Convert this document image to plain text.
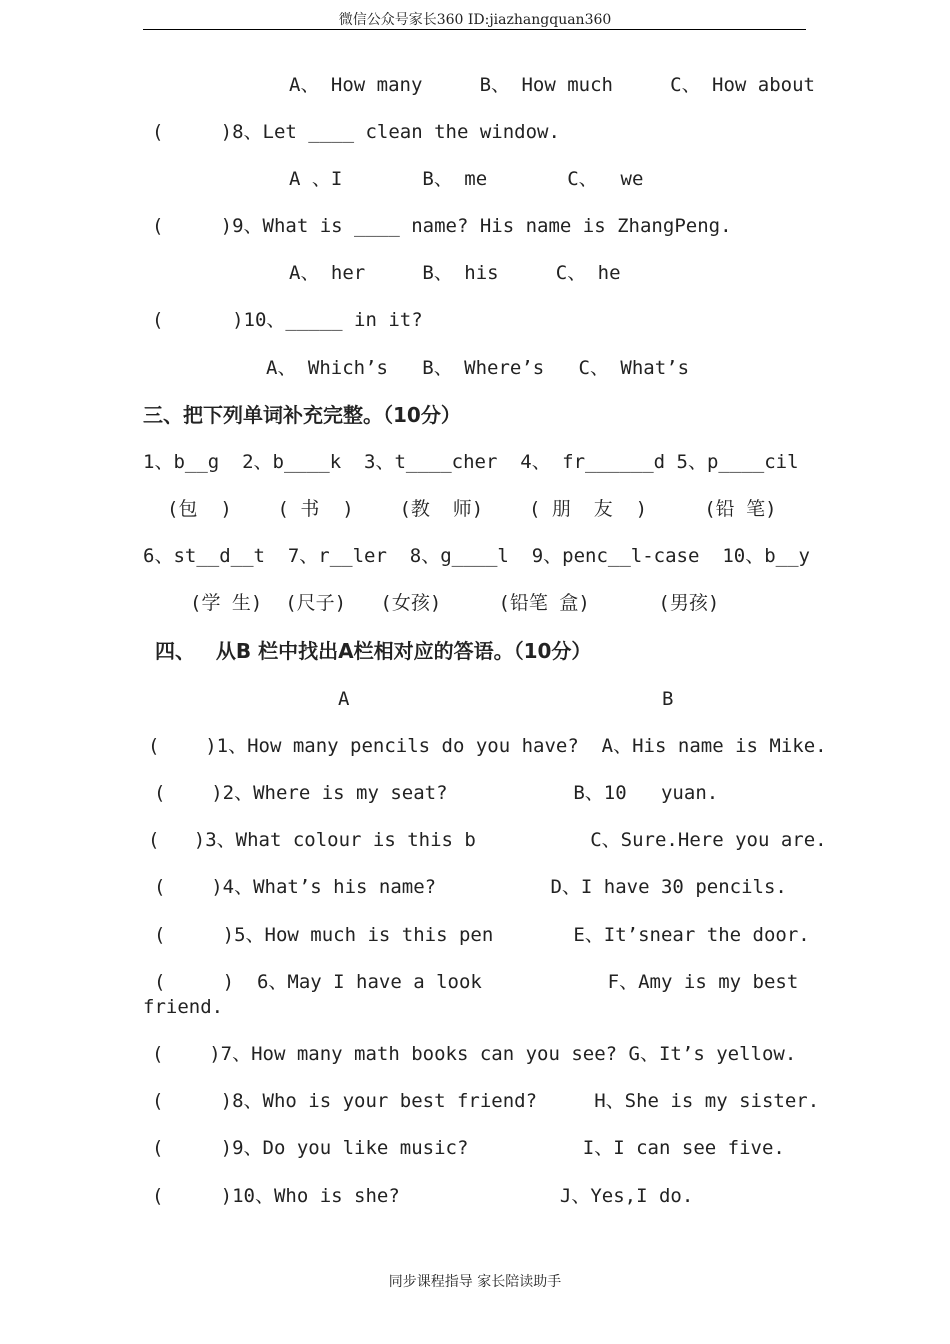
微信公众号家长360 ID:jiazhangquan360
A、 How many     B、 How much     C、 How about
(     )8、Let ____ clean the window.
A 、I       B、 me       C、  we
(     )9、What is ____ name? His name is ZhangPeng.
A、 her     B、 his     C、 he
(      )10、_____ in it?
A、 Which’s   B、 Where’s   C、 What’s
三、把下列单词补充完整。（10分）
1、b__g  2、b____k  3、t____cher  4、 fr______d 5、p____cil
(包  )    ( 书  )    (教  师)    ( 朋  友  )     (铅 笔)
6、st__d__t  7、r__ler  8、g____l  9、penc__l-case  10、b__y
(学 生)  (尺子)   (女孩)     (铅笔 盒)      (男孩)
四、   从B 栏中找出A栏相对应的答语。（10分）
A	B
(    )1、How many pencils do you have?  A、His name is Mike.
(    )2、Where is my seat?           B、10   yuan.
(   )3、What colour is this b          C、Sure.Here you are.
(    )4、What’s his name?          D、I have 30 pencils.
(     )5、How much is this pen       E、It’snear the door.
(     )  6、May I have a look           F、Amy is my best
friend.
(    )7、How many math books can you see? G、It’s yellow.
(     )8、Who is your best friend?     H、She is my sister.
(     )9、Do you like music?          I、I can see five.
(     )10、Who is she?              J、Yes,I do.
同步课程指导 家长陪读助手
